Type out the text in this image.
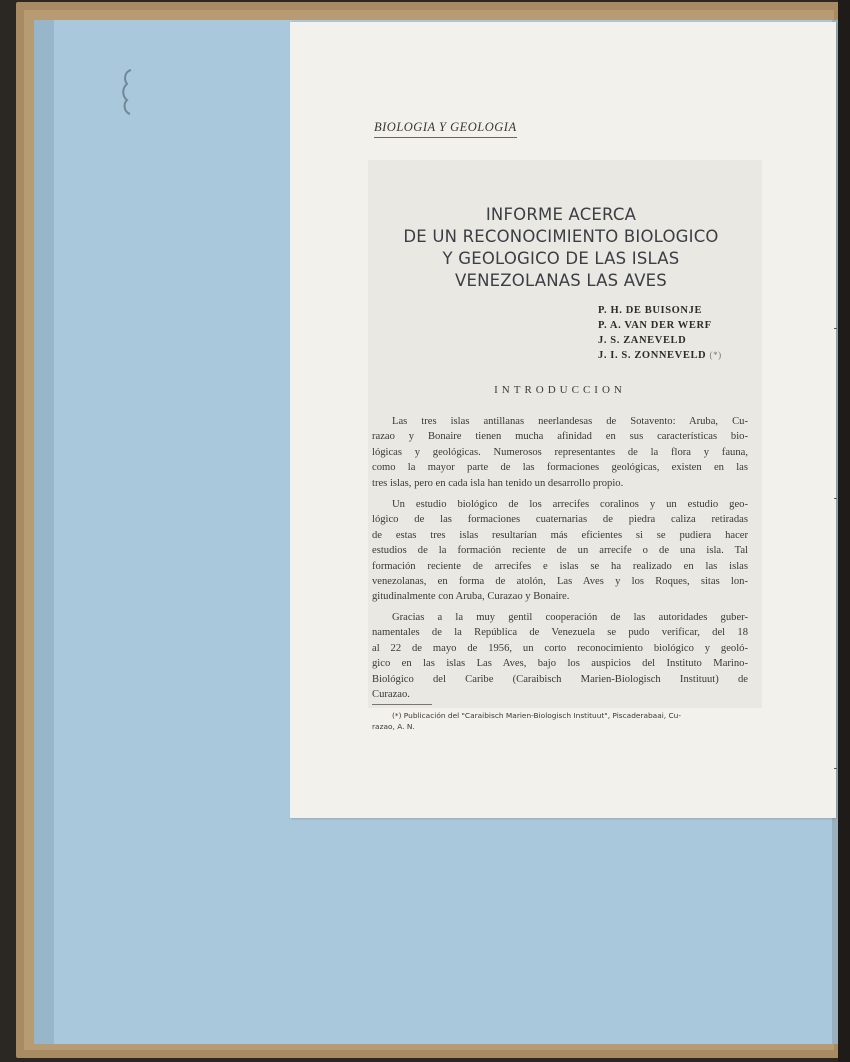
BIOLOGIA Y GEOLOGIA
INFORME ACERCA
DE UN RECONOCIMIENTO BIOLOGICO
Y GEOLOGICO DE LAS ISLAS
VENEZOLANAS LAS AVES
P. H. DE BUISONJE
P. A. VAN DER WERF
J. S. ZANEVELD
J. I. S. ZONNEVELD (*)
INTRODUCCION
Las tres islas antillanas neerlandesas de Sotavento: Aruba, Cu-
razao y Bonaire tienen mucha afinidad en sus características bio-
lógicas y geológicas. Numerosos representantes de la flora y fauna,
como la mayor parte de las formaciones geológicas, existen en las
tres islas, pero en cada isla han tenido un desarrollo propio.
Un estudio biológico de los arrecifes coralinos y un estudio geo-
lógico de las formaciones cuaternarias de piedra caliza retiradas
de estas tres islas resultarían más eficientes si se pudiera hacer
estudios de la formación reciente de un arrecife o de una isla. Tal
formación reciente de arrecifes e islas se ha realizado en las islas
venezolanas, en forma de atolón, Las Aves y los Roques, sitas lon-
gitudinalmente con Aruba, Curazao y Bonaire.
Gracias a la muy gentil cooperación de las autoridades guber-
namentales de la República de Venezuela se pudo verificar, del 18
al 22 de mayo de 1956, un corto reconocimiento biológico y geoló-
gico en las islas Las Aves, bajo los auspicios del Instituto Marino-
Biológico del Caribe (Caraibisch Marien-Biologisch Instituut) de
Curazao.
(*) Publicación del "Caraibisch Marien-Biologisch Instituut", Piscaderabaai, Cu-
razao, A. N.
